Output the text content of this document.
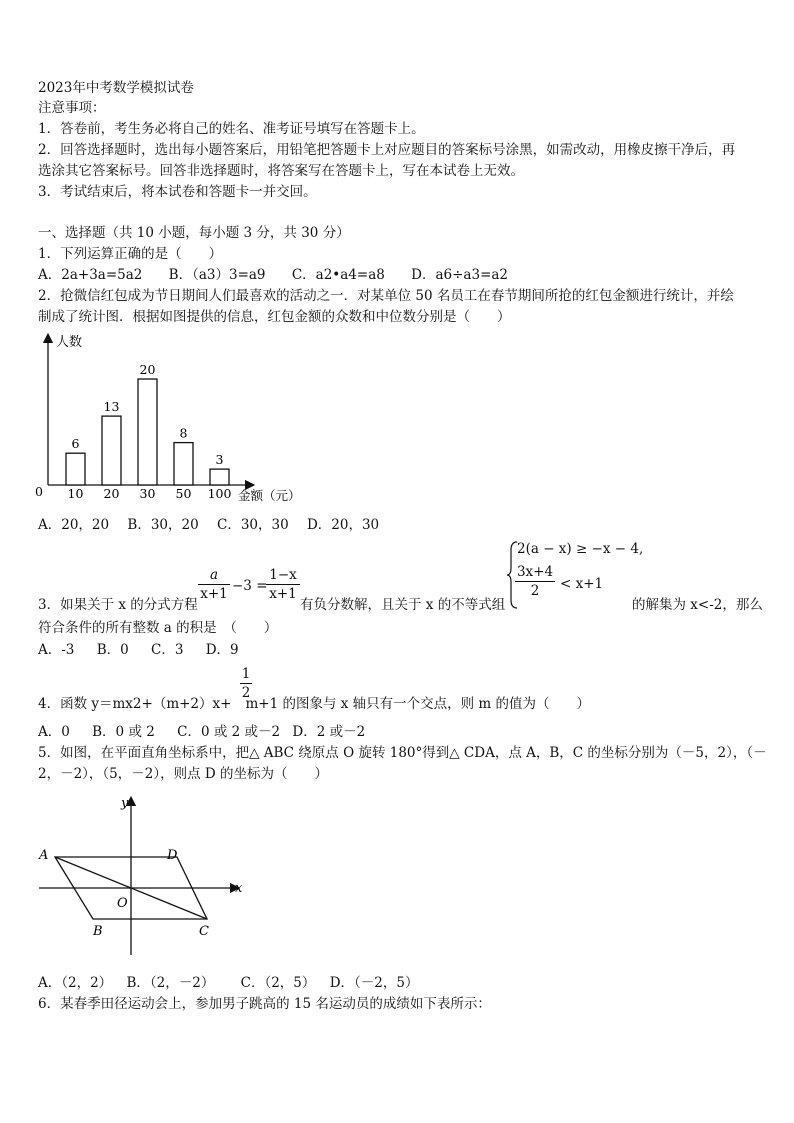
2023年中考数学模拟试卷
注意事项：
1．答卷前，考生务必将自己的姓名、准考证号填写在答题卡上。
2．回答选择题时，选出每小题答案后，用铅笔把答题卡上对应题目的答案标号涂黑，如需改动，用橡皮擦干净后，再
选涂其它答案标号。回答非选择题时，将答案写在答题卡上，写在本试卷上无效。
3．考试结束后，将本试卷和答题卡一并交回。
一、选择题（共 10 小题，每小题 3 分，共 30 分）
1．下列运算正确的是（　　）
A．2a+3a=5a2 B．（a3）3=a9 C．a2•a4=a8 D．a6÷a3=a2
2．抢微信红包成为节日期间人们最喜欢的活动之一．对某单位 50 名员工在春节期间所抢的红包金额进行统计，并绘
制成了统计图．根据如图提供的信息，红包金额的众数和中位数分别是（　　）
人数
金额（元）
0
6
10
13
20
20
30
8
50
3
100
A．20，20 B．30，20 C．30，30 D．20，30
3．如果关于 x 的分式方程
a
x+1 −3 =
1−x
x+1
有负分数解，且关于 x 的不等式组
2(a − x) ≥ −x − 4,
3x+4
2	< x+1
的解集为 x<-2，那么
符合条件的所有整数 a 的积是　（　　）
A．-3 B．0 C．3 D．9
1
2
4．函数 y＝mx2+（m+2）x+ m+1 的图象与 x 轴只有一个交点，则 m 的值为（　　）
A．0 B．0 或 2 C．0 或 2 或－2 D．2 或－2
5．如图，在平面直角坐标系中，把△ ABC 绕原点 O 旋转 180°得到△ CDA，点 A，B，C 的坐标分别为（－5，2），（－
2，－2），（5，－2），则点 D 的坐标为（　　）
A	D
B	C
O
x
y
A．（2，2） B．（2，－2） C．（2，5） D．（－2，5）
6．某春季田径运动会上，参加男子跳高的 15 名运动员的成绩如下表所示：
